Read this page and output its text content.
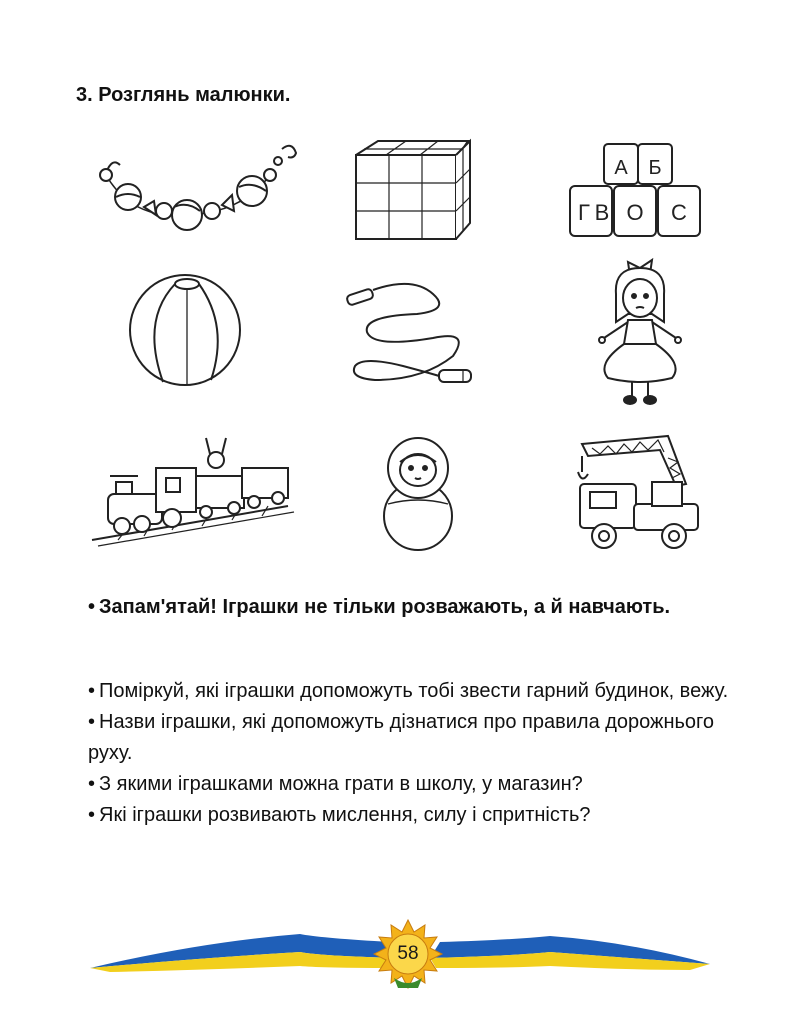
3. Розглянь малюнки.
А Б
Г В О С
• Запам'ятай! Іграшки не тільки розважають, а й навчають.
• Поміркуй, які іграшки допоможуть тобі звести гарний будинок, вежу.
• Назви іграшки, які допоможуть дізнатися про правила дорожнього руху.
• З якими іграшками можна грати в школу, у магазин?
• Які іграшки розвивають мислення, силу і спритність?
58
